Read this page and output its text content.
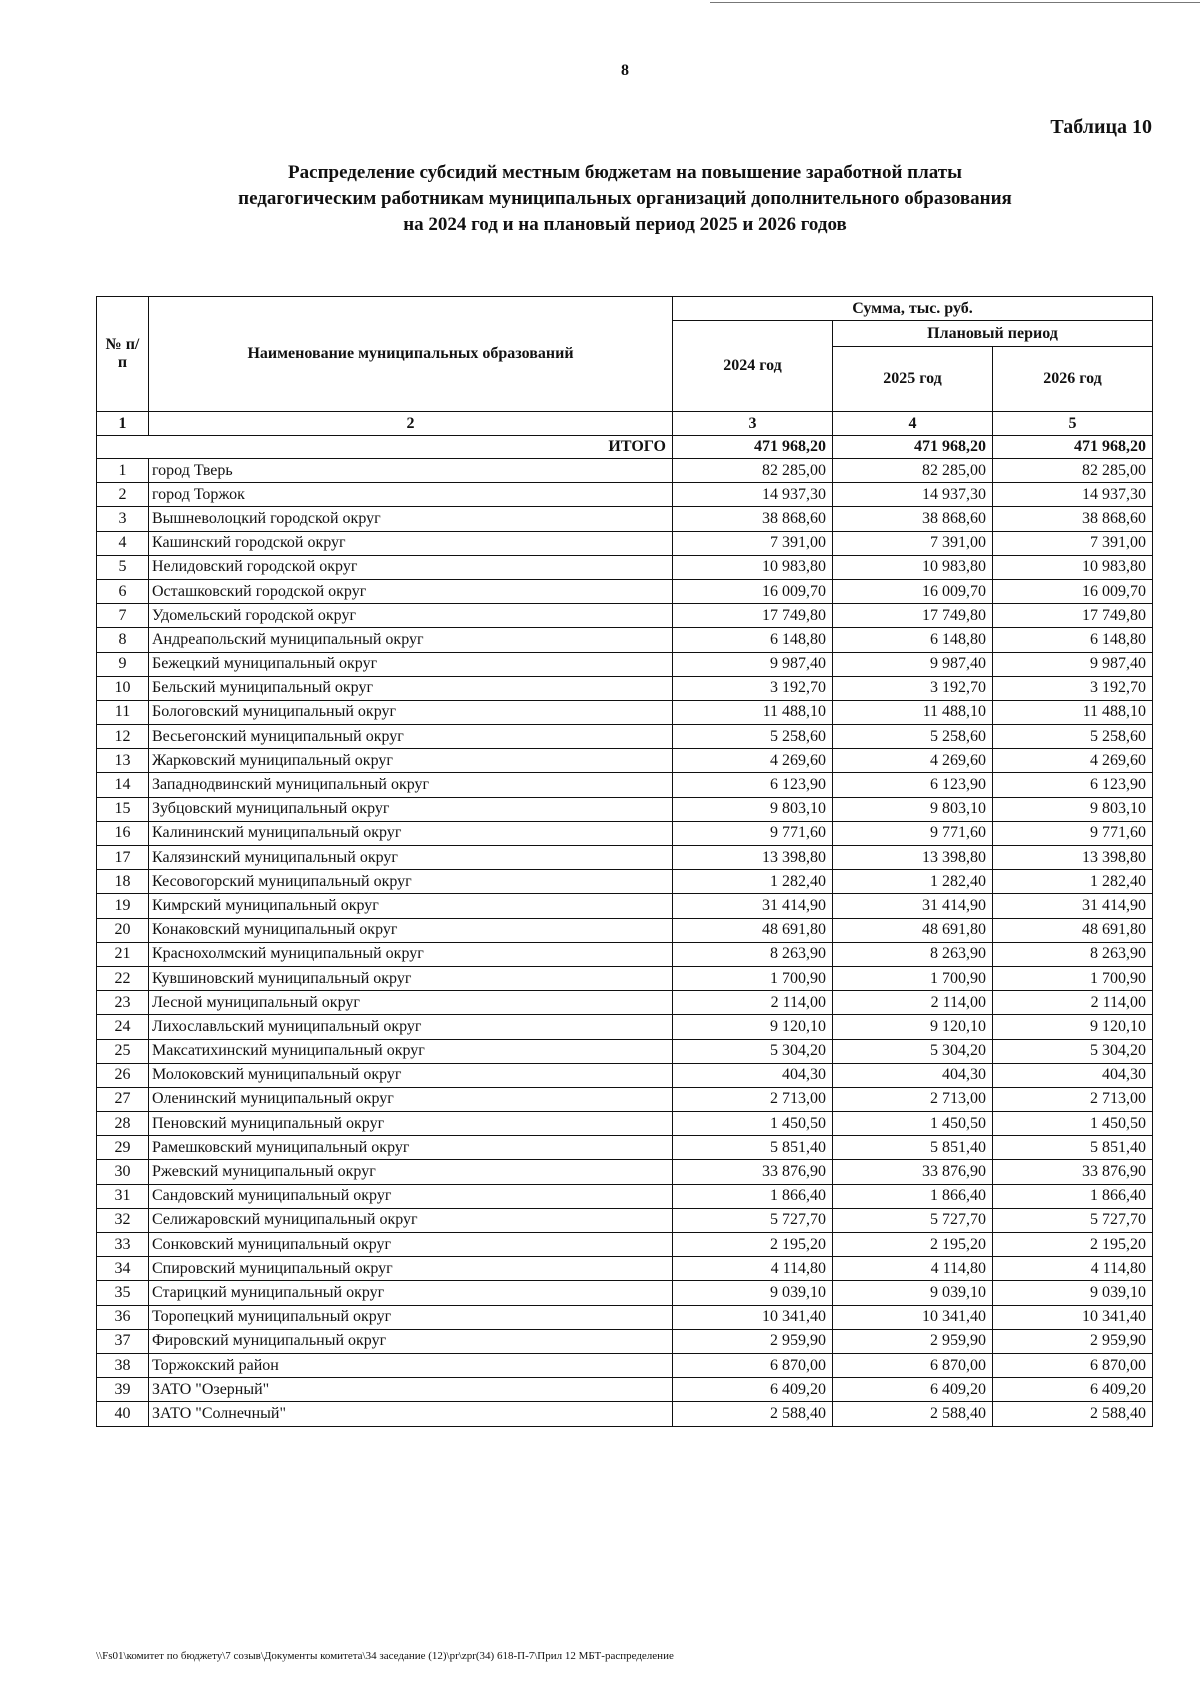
8
Таблица 10
Распределение субсидий местным бюджетам на повышение заработной платы
педагогическим работникам муниципальных организаций дополнительного образования
на 2024 год и на плановый период 2025 и 2026 годов
№ п/п	Наименование муниципальных образований	Сумма, тыс. руб.		
		2024 год	Плановый период	
			2025 год	2026 год
1	2	3	4	5
ИТОГО		471 968,20	471 968,20	471 968,20
1	город Тверь	82 285,00	82 285,00	82 285,00
2	город Торжок	14 937,30	14 937,30	14 937,30
3	Вышневолоцкий городской округ	38 868,60	38 868,60	38 868,60
4	Кашинский городской округ	7 391,00	7 391,00	7 391,00
5	Нелидовский городской округ	10 983,80	10 983,80	10 983,80
6	Осташковский городской округ	16 009,70	16 009,70	16 009,70
7	Удомельский городской округ	17 749,80	17 749,80	17 749,80
8	Андреапольский муниципальный округ	6 148,80	6 148,80	6 148,80
9	Бежецкий муниципальный округ	9 987,40	9 987,40	9 987,40
10	Бельский муниципальный округ	3 192,70	3 192,70	3 192,70
11	Бологовский муниципальный округ	11 488,10	11 488,10	11 488,10
12	Весьегонский муниципальный округ	5 258,60	5 258,60	5 258,60
13	Жарковский муниципальный округ	4 269,60	4 269,60	4 269,60
14	Западнодвинский муниципальный округ	6 123,90	6 123,90	6 123,90
15	Зубцовский муниципальный округ	9 803,10	9 803,10	9 803,10
16	Калининский муниципальный округ	9 771,60	9 771,60	9 771,60
17	Калязинский муниципальный округ	13 398,80	13 398,80	13 398,80
18	Кесовогорский муниципальный округ	1 282,40	1 282,40	1 282,40
19	Кимрский муниципальный округ	31 414,90	31 414,90	31 414,90
20	Конаковский муниципальный округ	48 691,80	48 691,80	48 691,80
21	Краснохолмский муниципальный округ	8 263,90	8 263,90	8 263,90
22	Кувшиновский муниципальный округ	1 700,90	1 700,90	1 700,90
23	Лесной муниципальный округ	2 114,00	2 114,00	2 114,00
24	Лихославльский муниципальный округ	9 120,10	9 120,10	9 120,10
25	Максатихинский муниципальный округ	5 304,20	5 304,20	5 304,20
26	Молоковский муниципальный округ	404,30	404,30	404,30
27	Оленинский муниципальный округ	2 713,00	2 713,00	2 713,00
28	Пеновский муниципальный округ	1 450,50	1 450,50	1 450,50
29	Рамешковский муниципальный округ	5 851,40	5 851,40	5 851,40
30	Ржевский муниципальный округ	33 876,90	33 876,90	33 876,90
31	Сандовский муниципальный округ	1 866,40	1 866,40	1 866,40
32	Селижаровский муниципальный округ	5 727,70	5 727,70	5 727,70
33	Сонковский муниципальный округ	2 195,20	2 195,20	2 195,20
34	Спировский муниципальный округ	4 114,80	4 114,80	4 114,80
35	Старицкий муниципальный округ	9 039,10	9 039,10	9 039,10
36	Торопецкий муниципальный округ	10 341,40	10 341,40	10 341,40
37	Фировский муниципальный округ	2 959,90	2 959,90	2 959,90
38	Торжокский район	6 870,00	6 870,00	6 870,00
39	ЗАТО "Озерный"	6 409,20	6 409,20	6 409,20
40	ЗАТО "Солнечный"	2 588,40	2 588,40	2 588,40
\\Fs01\комитет по бюджету\7 созыв\Документы комитета\34 заседание (12)\pr\zpr(34) 618-П-7\Прил 12 МБТ-распределение
